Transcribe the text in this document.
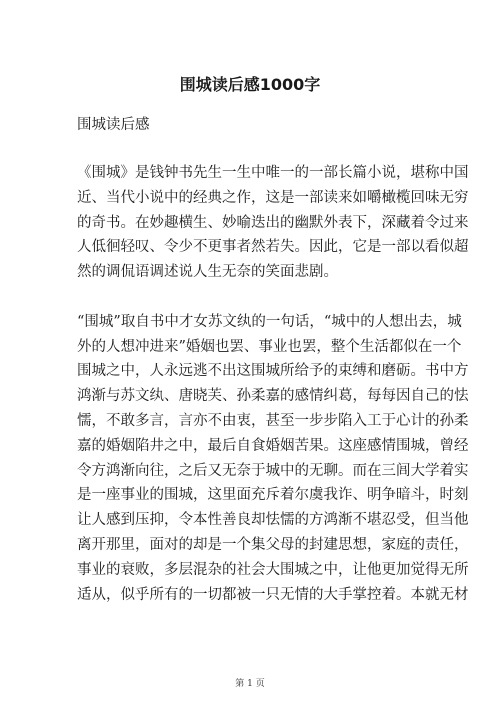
围城读后感1000字

围城读后感

《围城》是钱钟书先生一生中唯一的一部长篇小说，堪称中国
近、当代小说中的经典之作，这是一部读来如嚼橄榄回味无穷
的奇书。在妙趣横生、妙喻迭出的幽默外表下，深藏着令过来
人低徊轻叹、令少不更事者然若失。因此，它是一部以看似超
然的调侃语调述说人生无奈的笑面悲剧。

“围城”取自书中才女苏文纨的一句话，“城中的人想出去，城
外的人想冲进来”婚姻也罢、事业也罢，整个生活都似在一个
围城之中，人永远逃不出这围城所给予的束缚和磨砺。书中方
鸿渐与苏文纨、唐晓芙、孙柔嘉的感情纠葛，每每因自己的怯
懦，不敢多言，言亦不由衷，甚至一步步陷入工于心计的孙柔
嘉的婚姻陷井之中，最后自食婚姻苦果。这座感情围城，曾经
令方鸿渐向往，之后又无奈于城中的无聊。而在三闾大学着实
是一座事业的围城，这里面充斥着尔虞我诈、明争暗斗，时刻
让人感到压抑，令本性善良却怯懦的方鸿渐不堪忍受，但当他
离开那里，面对的却是一个集父母的封建思想，家庭的责任，
事业的衰败，多层混杂的社会大围城之中，让他更加觉得无所
适从，似乎所有的一切都被一只无情的大手掌控着。本就无材

第 1 页
